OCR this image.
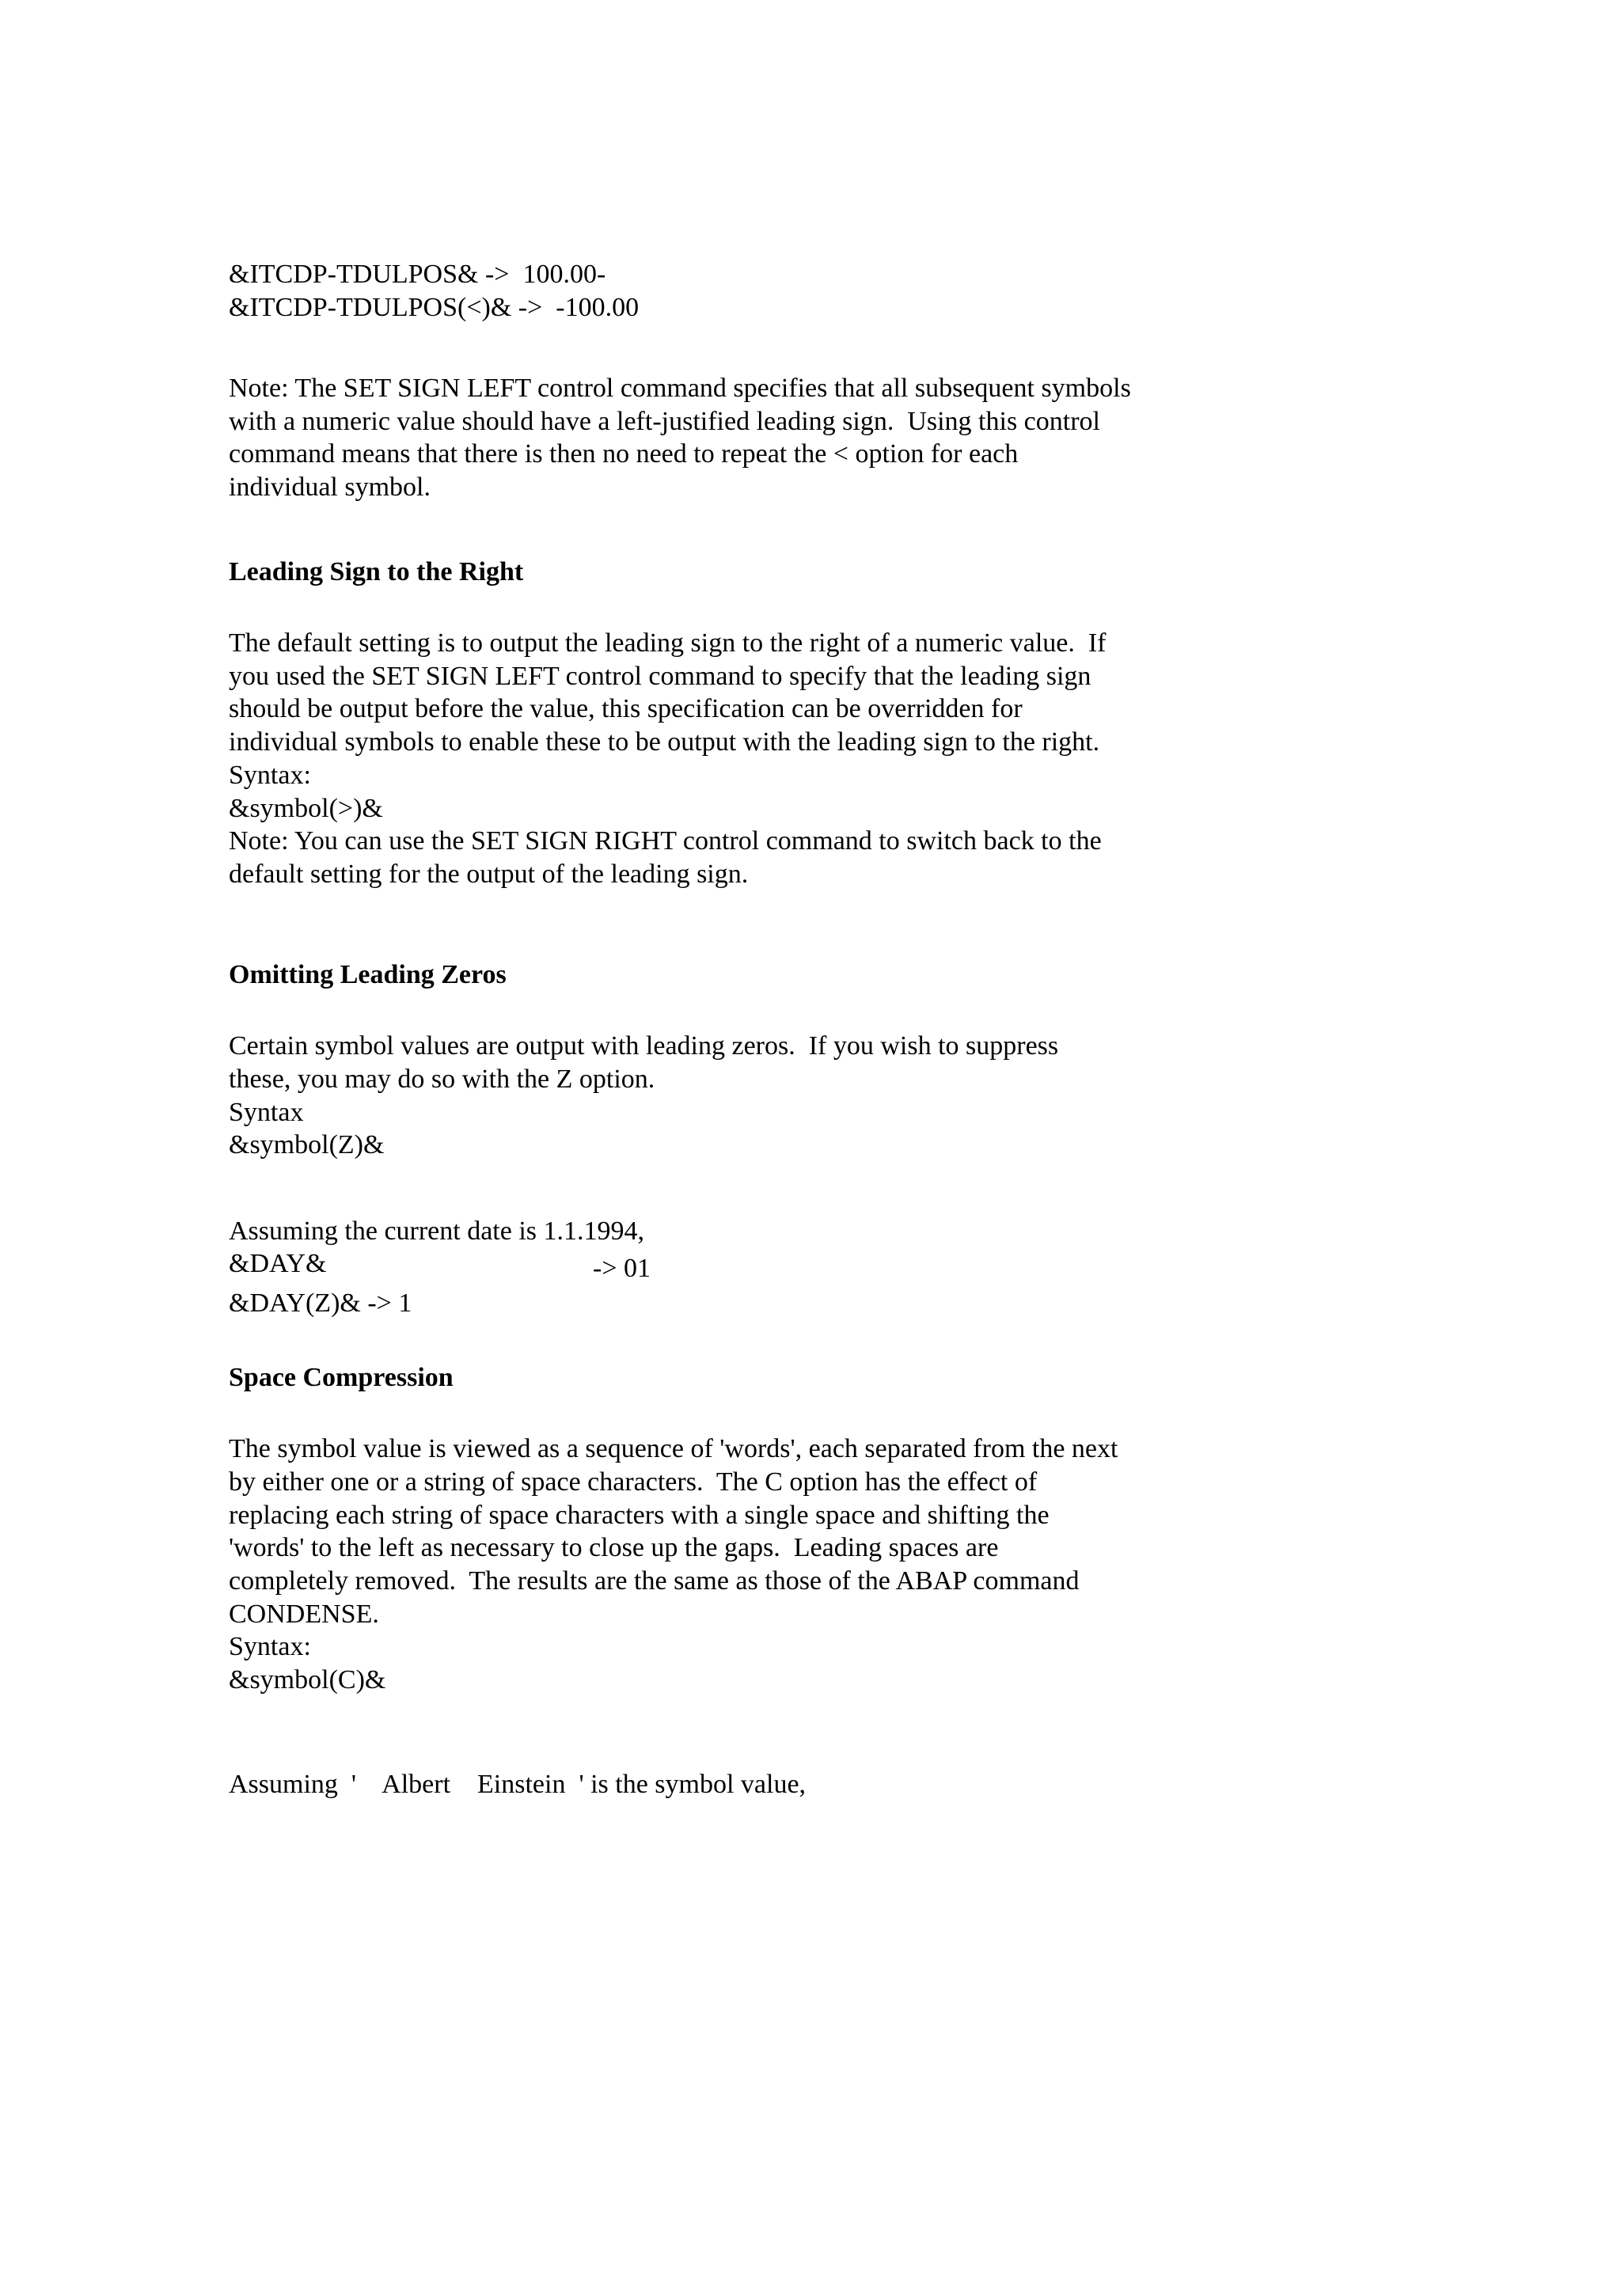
&ITCDP-TDULPOS& ->  100.00-
&ITCDP-TDULPOS(<)& ->  -100.00
Note: The SET SIGN LEFT control command specifies that all subsequent symbols
with a numeric value should have a left-justified leading sign.  Using this control
command means that there is then no need to repeat the < option for each
individual symbol.
Leading Sign to the Right
The default setting is to output the leading sign to the right of a numeric value.  If
you used the SET SIGN LEFT control command to specify that the leading sign
should be output before the value, this specification can be overridden for
individual symbols to enable these to be output with the leading sign to the right.
Syntax:
&symbol(>)&
Note: You can use the SET SIGN RIGHT control command to switch back to the
default setting for the output of the leading sign.
Omitting Leading Zeros
Certain symbol values are output with leading zeros.  If you wish to suppress
these, you may do so with the Z option.
Syntax
&symbol(Z)&
Assuming the current date is 1.1.1994,
&DAY&	-> 01
&DAY(Z)& -> 1
Space Compression
The symbol value is viewed as a sequence of 'words', each separated from the next
by either one or a string of space characters.  The C option has the effect of
replacing each string of space characters with a single space and shifting the
'words' to the left as necessary to close up the gaps.  Leading spaces are
completely removed.  The results are the same as those of the ABAP command
CONDENSE.
Syntax:
&symbol(C)&
Assuming  '    Albert    Einstein  ' is the symbol value,
